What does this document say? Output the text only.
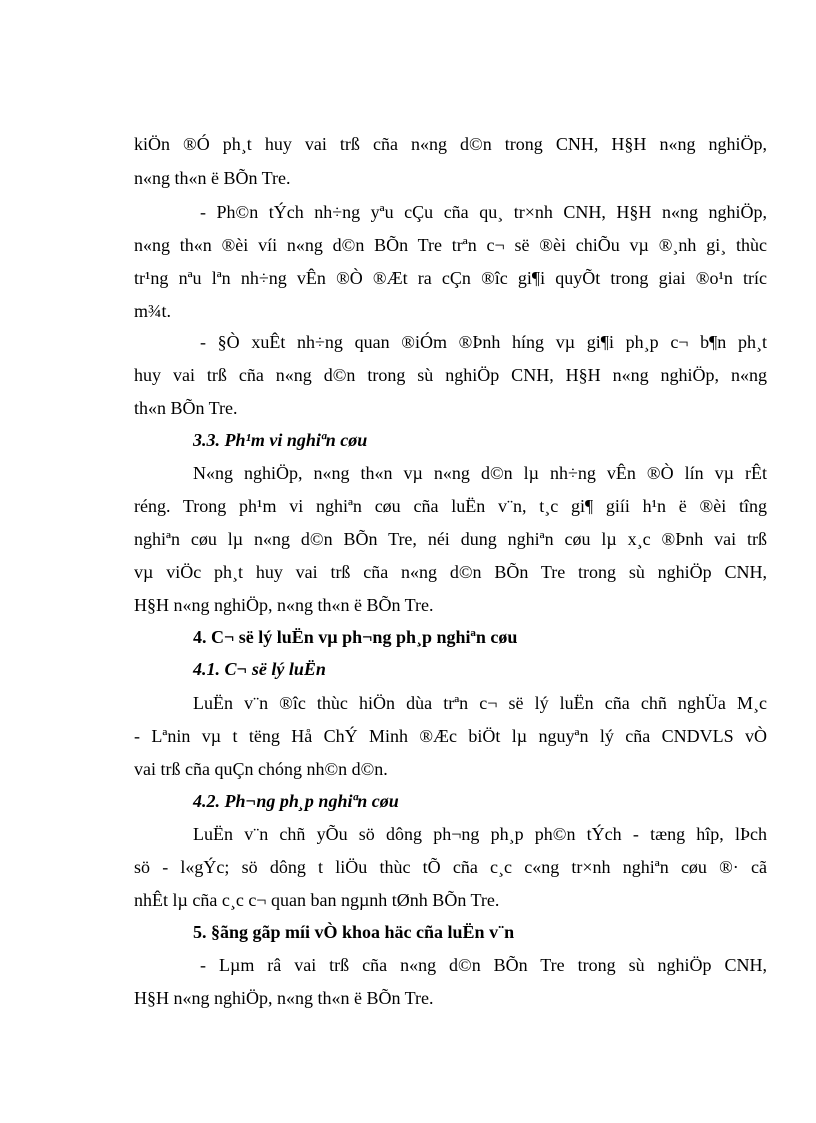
kiÖn ®Ó ph¸t huy vai trß cña n«ng d©n trong CNH, H§H n«ng nghiÖp,
n«ng th«n ë BÕn Tre.
- Ph©n tÝch nh÷ng yªu cÇu cña qu¸ tr×nh CNH, H§H n«ng nghiÖp,
n«ng th«n ®èi víi n«ng d©n BÕn Tre trªn c¬ së ®èi chiÕu vµ ®¸nh gi¸ thùc
tr¹ng nªu lªn nh÷ng vÊn ®Ò ®Æt ra cÇn ®îc gi¶i quyÕt trong giai ®o¹n tríc
m¾t.
- §Ò xuÊt nh÷ng quan ®iÓm ®Þnh híng vµ gi¶i ph¸p c¬ b¶n ph¸t
huy vai trß cña n«ng d©n trong sù nghiÖp CNH, H§H n«ng nghiÖp, n«ng
th«n BÕn Tre.
3.3. Ph¹m vi nghiªn cøu
N«ng nghiÖp, n«ng th«n vµ n«ng d©n lµ nh÷ng vÊn ®Ò lín vµ rÊt
réng. Trong ph¹m vi nghiªn cøu cña luËn v¨n, t¸c gi¶ giíi h¹n ë ®èi tîng
nghiªn cøu lµ n«ng d©n BÕn Tre, néi dung nghiªn cøu lµ x¸c ®Þnh vai trß
vµ viÖc ph¸t huy vai trß cña n«ng d©n BÕn Tre trong sù nghiÖp CNH,
H§H n«ng nghiÖp, n«ng th«n ë BÕn Tre.
4. C¬ së lý luËn vµ ph¬ng ph¸p nghiªn cøu
4.1. C¬ së lý luËn
LuËn v¨n ®îc thùc hiÖn dùa trªn c¬ së lý luËn cña chñ nghÜa M¸c
- Lªnin vµ t tëng Hå ChÝ Minh ®Æc biÖt lµ nguyªn lý cña CNDVLS vÒ
vai trß cña quÇn chóng nh©n d©n.
4.2. Ph¬ng ph¸p nghiªn cøu
LuËn v¨n chñ yÕu sö dông ph¬ng ph¸p ph©n tÝch - tæng hîp, lÞch
sö - l«gÝc; sö dông t liÖu thùc tÕ cña c¸c c«ng tr×nh nghiªn cøu ®· cã
nhÊt lµ cña c¸c c¬ quan ban ngµnh tØnh BÕn Tre.
5. §ãng gãp míi vÒ khoa häc cña luËn v¨n
- Lµm râ vai trß cña n«ng d©n BÕn Tre trong sù nghiÖp CNH,
H§H n«ng nghiÖp, n«ng th«n ë BÕn Tre.
